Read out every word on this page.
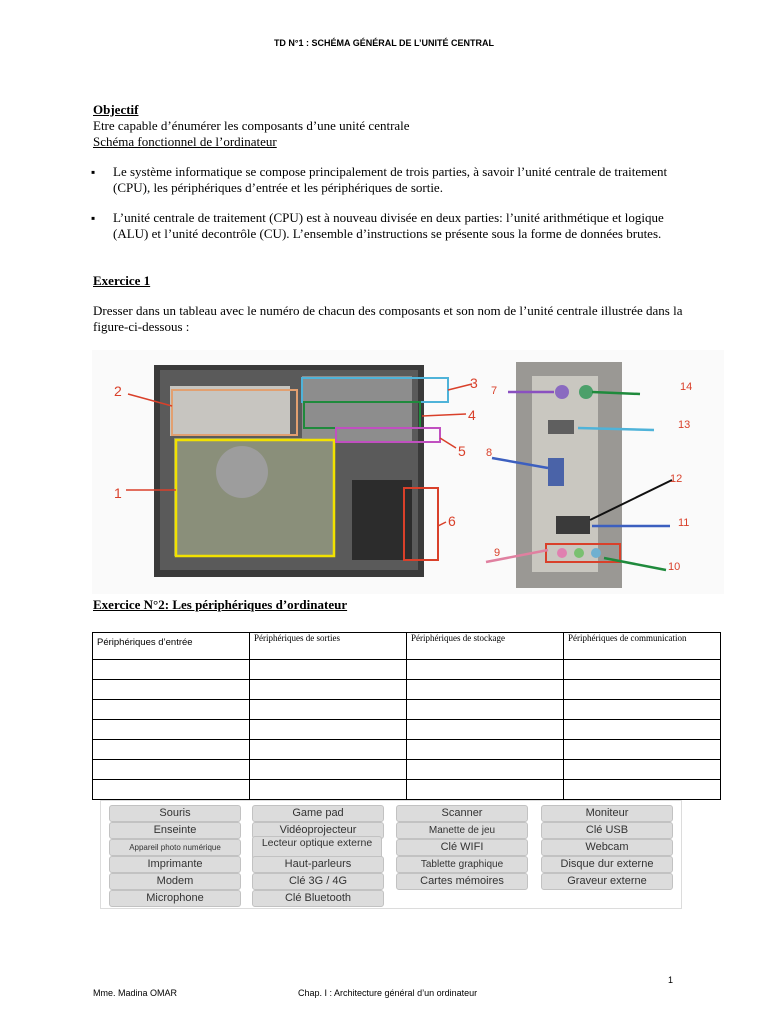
TD N°1 : SCHÉMA GÉNÉRAL DE L’UNITÉ CENTRAL
Objectif
Etre capable d’énumérer les composants d’une unité centrale
Schéma fonctionnel de l’ordinateur
▪ Le système informatique se compose principalement de trois parties, à savoir l’unité centrale de traitement (CPU), les périphériques d’entrée et les périphériques de sortie.
▪ L’unité centrale de traitement (CPU) est à nouveau divisée en deux parties: l’unité arithmétique et logique (ALU) et l’unité decontrôle (CU). L’ensemble d’instructions se présente sous la forme de données brutes.
Exercice 1
Dresser dans un tableau avec le numéro de chacun des composants et son nom de l’unité centrale illustrée dans la figure-ci-dessous :
1
2	3
4
5
6
7
8
9
10
11
12
13
14
Exercice N°2: Les périphériques d’ordinateur
Périphériques d’entrée	Périphériques de sorties	Périphériques de stockage	Périphériques de communication

Souris	Game pad	Scanner	Moniteur
Enseinte	Vidéoprojecteur	Manette de jeu	Clé USB
Appareil photo numérique	Lecteur optique externe	Clé WIFI	Webcam
Imprimante	Haut-parleurs	Tablette graphique	Disque dur externe
Modem	Clé 3G / 4G	Cartes mémoires	Graveur externe
Microphone	Clé Bluetooth
1
Mme. Madina OMAR	Chap. I : Architecture général d’un ordinateur
